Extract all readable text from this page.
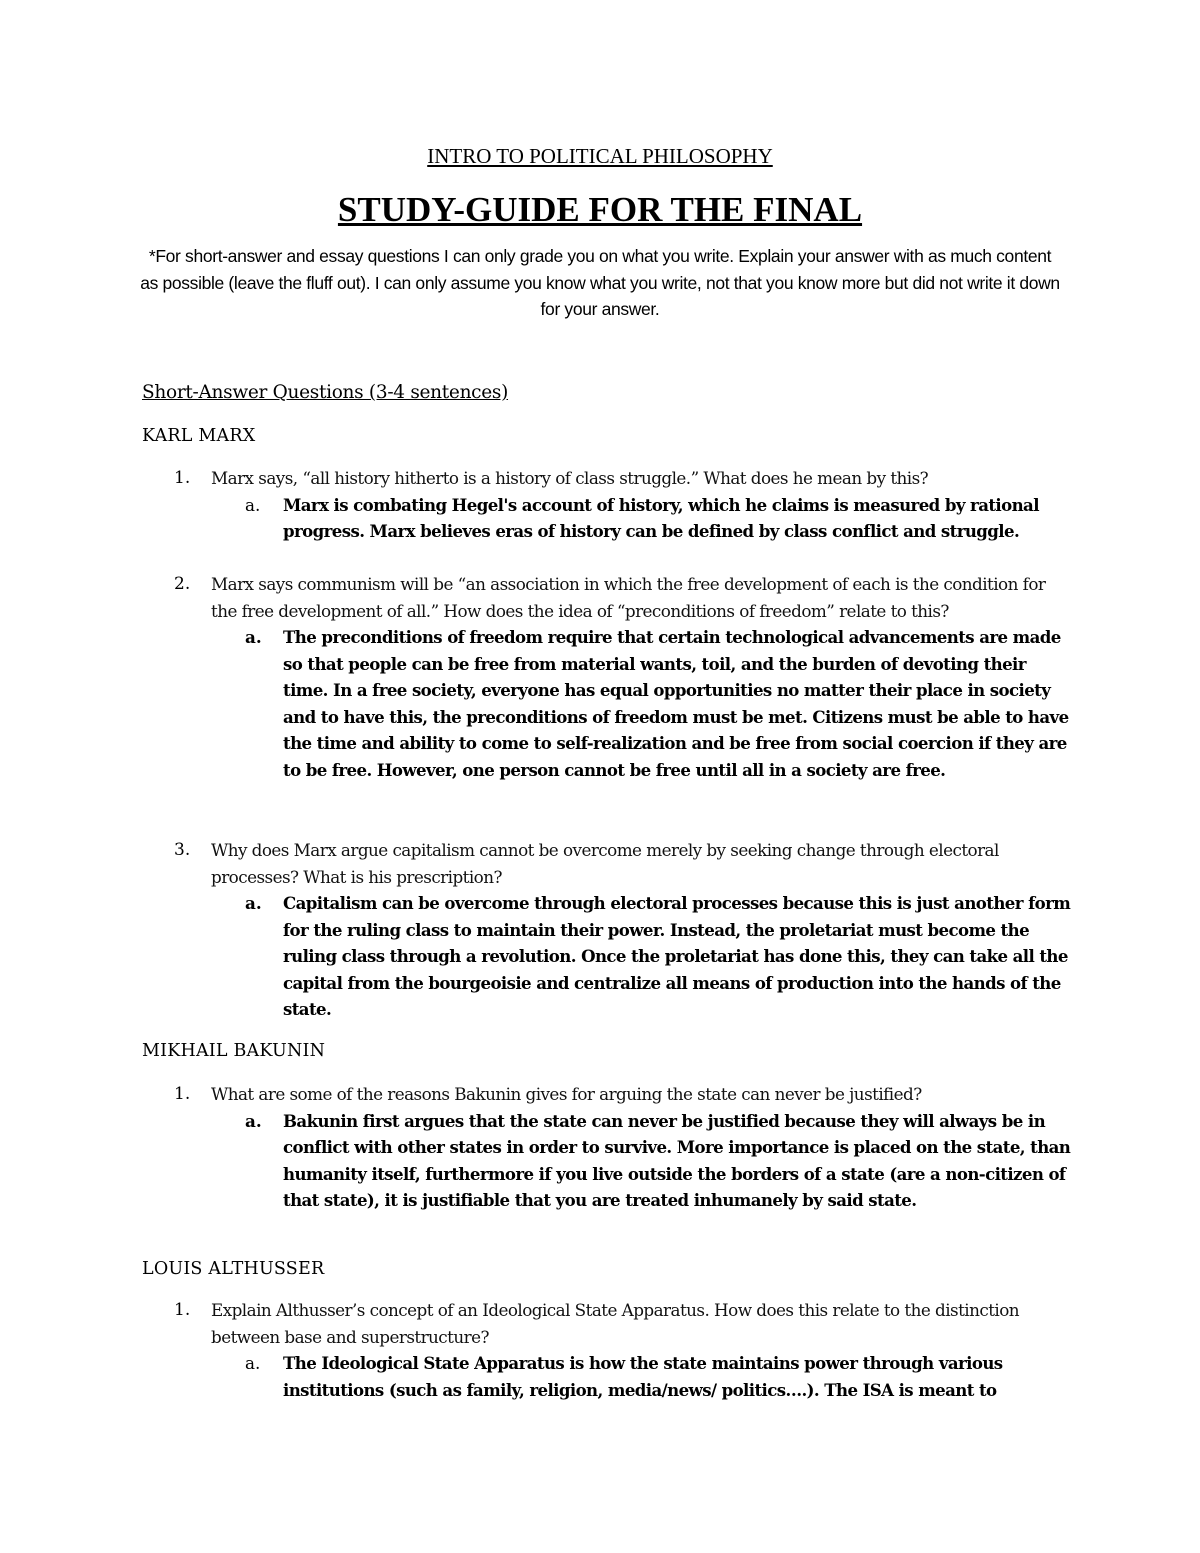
INTRO TO POLITICAL PHILOSOPHY
STUDY-GUIDE FOR THE FINAL
*For short-answer and essay questions I can only grade you on what you write. Explain your answer with as much content as possible (leave the fluff out). I can only assume you know what you write, not that you know more but did not write it down for your answer.
Short-Answer Questions (3-4 sentences)
KARL MARX
1. Marx says, “all history hitherto is a history of class struggle.” What does he mean by this?
a. Marx is combating Hegel's account of history, which he claims is measured by rational progress. Marx believes eras of history can be defined by class conflict and struggle.
2. Marx says communism will be “an association in which the free development of each is the condition for the free development of all.” How does the idea of “preconditions of freedom” relate to this?
a. The preconditions of freedom require that certain technological advancements are made so that people can be free from material wants, toil, and the burden of devoting their time. In a free society, everyone has equal opportunities no matter their place in society and to have this, the preconditions of freedom must be met. Citizens must be able to have the time and ability to come to self-realization and be free from social coercion if they are to be free. However, one person cannot be free until all in a society are free.
3. Why does Marx argue capitalism cannot be overcome merely by seeking change through electoral processes? What is his prescription?
a. Capitalism can be overcome through electoral processes because this is just another form for the ruling class to maintain their power. Instead, the proletariat must become the ruling class through a revolution. Once the proletariat has done this, they can take all the capital from the bourgeoisie and centralize all means of production into the hands of the state.
MIKHAIL BAKUNIN
1. What are some of the reasons Bakunin gives for arguing the state can never be justified?
a. Bakunin first argues that the state can never be justified because they will always be in conflict with other states in order to survive. More importance is placed on the state, than humanity itself, furthermore if you live outside the borders of a state (are a non-citizen of that state), it is justifiable that you are treated inhumanely by said state.
LOUIS ALTHUSSER
1. Explain Althusser’s concept of an Ideological State Apparatus. How does this relate to the distinction between base and superstructure?
a. The Ideological State Apparatus is how the state maintains power through various institutions (such as family, religion, media/news/ politics….). The ISA is meant to
